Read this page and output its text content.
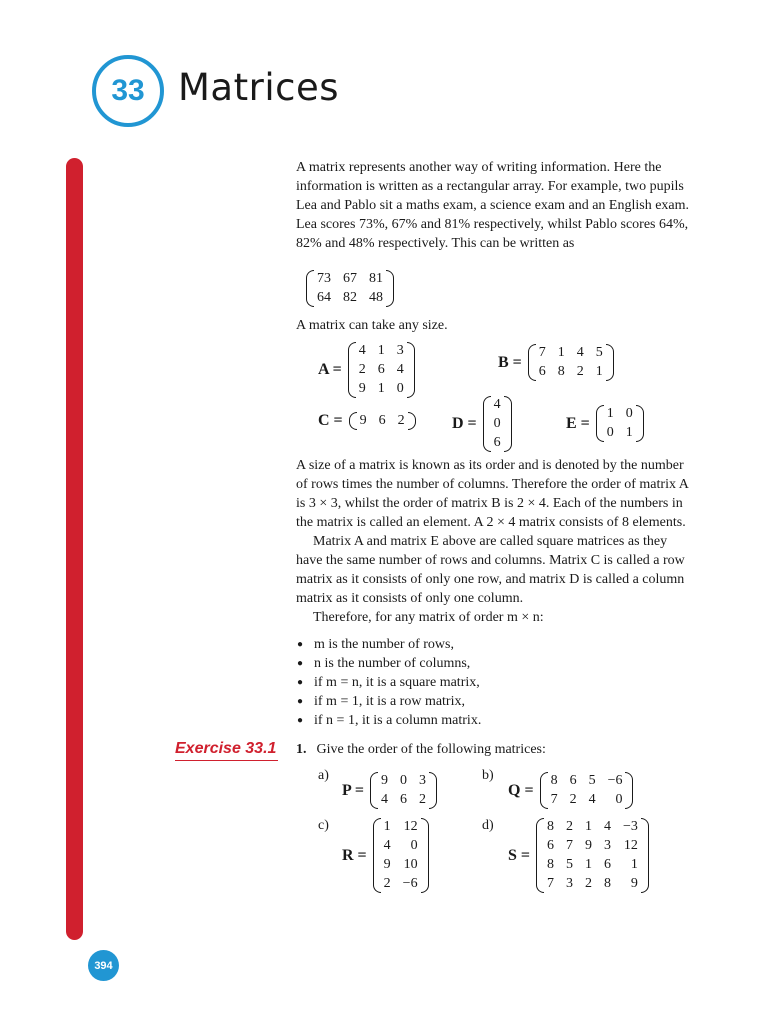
33 Matrices
394

A matrix represents another way of writing information. Here the information is written as a rectangular array. For example, two pupils Lea and Pablo sit a maths exam, a science exam and an English exam. Lea scores 73%, 67% and 81% respectively, whilst Pablo scores 64%, 82% and 48% respectively. This can be written as

73 67 81
64 82 48

A matrix can take any size.

A =
4 1 3
2 6 4
9 1 0
B =
7 1 4 5
6 8 2 1
C = 9 6 2	D =
4
0
6
E =
1 0
0 1

A size of a matrix is known as its order and is denoted by the number of rows times the number of columns. Therefore the order of matrix A is 3 × 3, whilst the order of matrix B is 2 × 4. Each of the numbers in the matrix is called an element. A 2 × 4 matrix consists of 8 elements.

Matrix A and matrix E above are called square matrices as they have the same number of rows and columns. Matrix C is called a row matrix as it consists of only one row, and matrix D is called a column matrix as it consists of only one column.

Therefore, for any matrix of order m × n:

● m is the number of rows,
● n is the number of columns,
● if m = n, it is a square matrix,
● if m = 1, it is a row matrix,
● if n = 1, it is a column matrix.
Exercise 33.1 1. Give the order of the following matrices:
a)
P =
9 0 3
4 6 2
b)
Q =
8 6 5 −6
7 2 4	0
c)
R =
1 12
4	0
9 10
2 −6
d)
S =
8 2 1 4 −3
6 7 9 3 12
8 5 1 6	1
7 3 2 8	9
